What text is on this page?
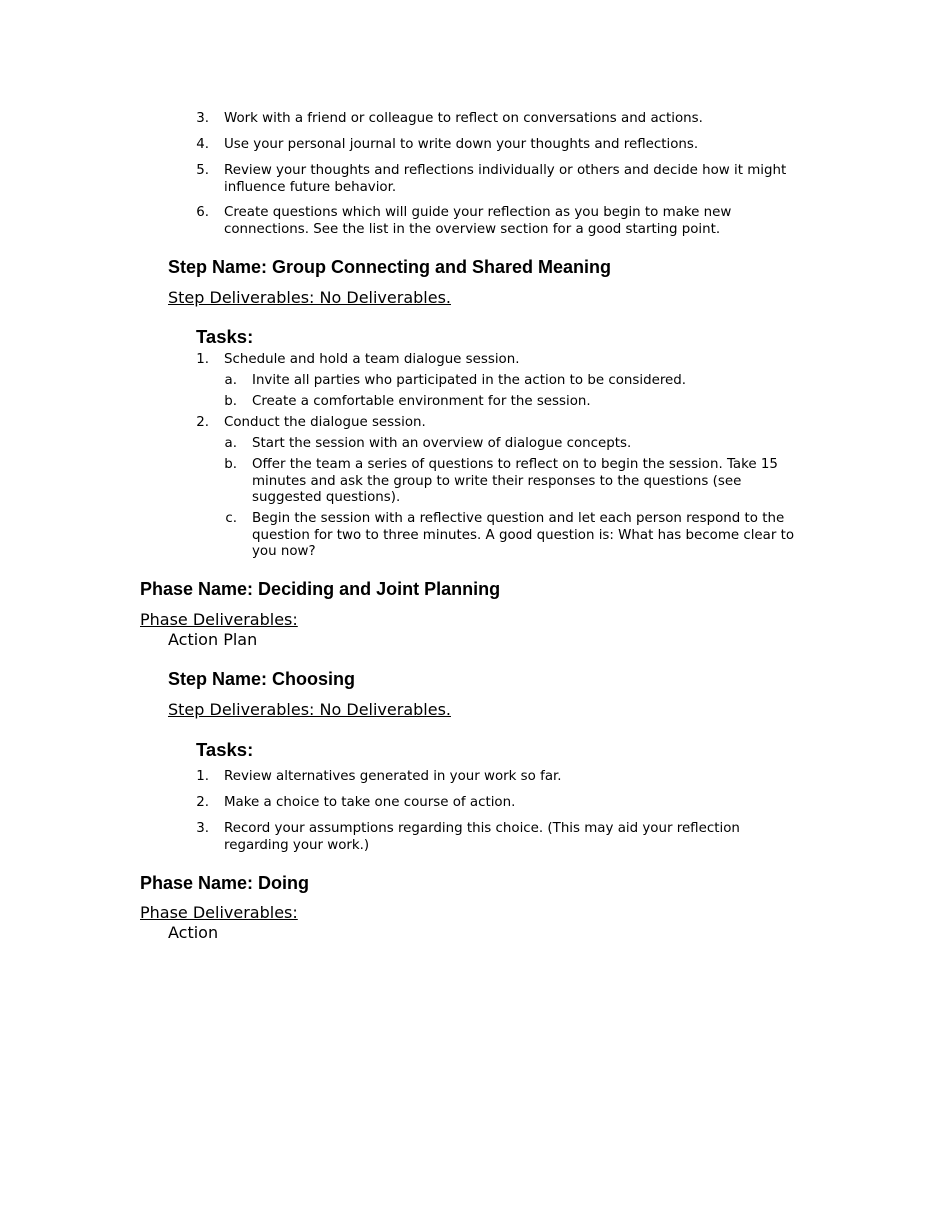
3. Work with a friend or colleague to reflect on conversations and actions.
4. Use your personal journal to write down your thoughts and reflections.
5. Review your thoughts and reflections individually or others and decide how it might
influence future behavior.
6. Create questions which will guide your reflection as you begin to make new
connections. See the list in the overview section for a good starting point.
Step Name: Group Connecting and Shared Meaning
Step Deliverables: No Deliverables.
Tasks:
1. Schedule and hold a team dialogue session.
a. Invite all parties who participated in the action to be considered.
b. Create a comfortable environment for the session.
2. Conduct the dialogue session.
a. Start the session with an overview of dialogue concepts.
b. Offer the team a series of questions to reflect on to begin the session. Take 15
minutes and ask the group to write their responses to the questions (see
suggested questions).
c. Begin the session with a reflective question and let each person respond to the
question for two to three minutes. A good question is: What has become clear to
you now?
Phase Name: Deciding and Joint Planning
Phase Deliverables:
Action Plan
Step Name: Choosing
Step Deliverables: No Deliverables.
Tasks:
1. Review alternatives generated in your work so far.
2. Make a choice to take one course of action.
3. Record your assumptions regarding this choice. (This may aid your reflection
regarding your work.)
Phase Name: Doing
Phase Deliverables:
Action
